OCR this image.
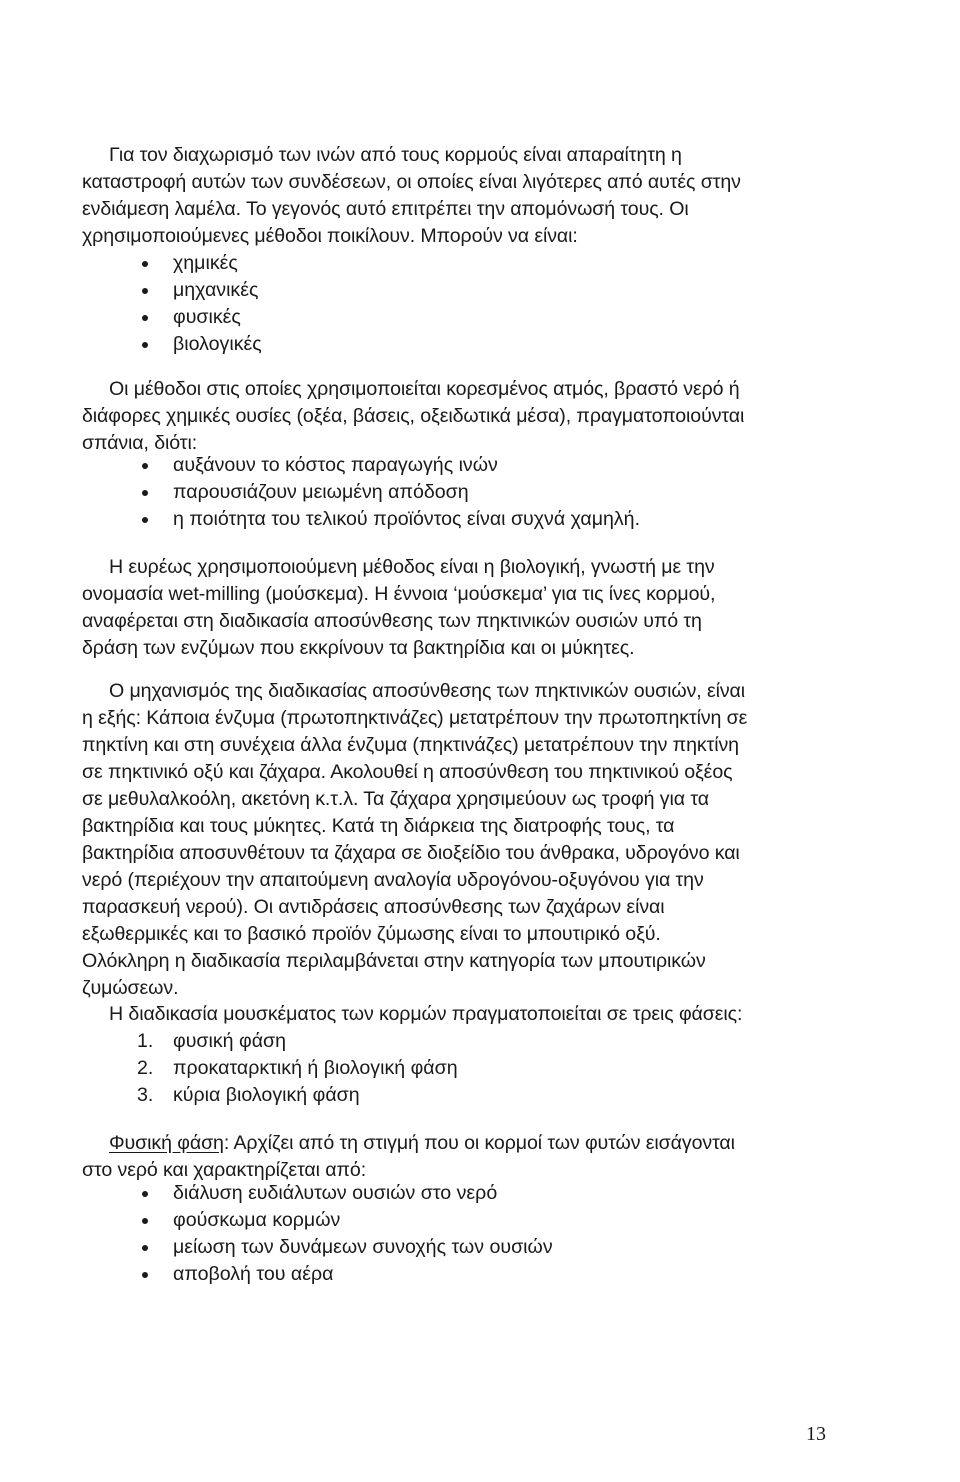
Για τον διαχωρισμό των ινών από τους κορμούς είναι απαραίτητη η
καταστροφή αυτών των συνδέσεων, οι οποίες είναι λιγότερες από αυτές στην
ενδιάμεση λαμέλα. Το γεγονός αυτό επιτρέπει την απομόνωσή τους. Οι
χρησιμοποιούμενες μέθοδοι ποικίλουν. Μπορούν να είναι:
χημικές
μηχανικές
φυσικές
βιολογικές
Οι μέθοδοι στις οποίες χρησιμοποιείται κορεσμένος ατμός, βραστό νερό ή
διάφορες χημικές ουσίες (οξέα, βάσεις, οξειδωτικά μέσα), πραγματοποιούνται
σπάνια, διότι:
αυξάνουν το κόστος παραγωγής ινών
παρουσιάζουν μειωμένη απόδοση
η ποιότητα του τελικού προϊόντος είναι συχνά χαμηλή.
Η ευρέως χρησιμοποιούμενη μέθοδος είναι η βιολογική, γνωστή με την
ονομασία wet-milling (μούσκεμα). Η έννοια ‘μούσκεμα’ για τις ίνες κορμού,
αναφέρεται στη διαδικασία αποσύνθεσης των πηκτινικών ουσιών υπό τη
δράση των ενζύμων που εκκρίνουν τα βακτηρίδια και οι μύκητες.
Ο μηχανισμός της διαδικασίας αποσύνθεσης των πηκτινικών ουσιών, είναι
η εξής: Κάποια ένζυμα (πρωτοπηκτινάζες) μετατρέπουν την πρωτοπηκτίνη σε
πηκτίνη και στη συνέχεια άλλα ένζυμα (πηκτινάζες) μετατρέπουν την πηκτίνη
σε πηκτινικό οξύ και ζάχαρα. Ακολουθεί η αποσύνθεση του πηκτινικού οξέος
σε μεθυλαλκοόλη, ακετόνη κ.τ.λ. Τα ζάχαρα χρησιμεύουν ως τροφή για τα
βακτηρίδια και τους μύκητες. Κατά τη διάρκεια της διατροφής τους, τα
βακτηρίδια αποσυνθέτουν τα ζάχαρα σε διοξείδιο του άνθρακα, υδρογόνο και
νερό (περιέχουν την απαιτούμενη αναλογία υδρογόνου-οξυγόνου για την
παρασκευή νερού). Οι αντιδράσεις αποσύνθεσης των ζαχάρων είναι
εξωθερμικές και το βασικό προϊόν ζύμωσης είναι το μπουτιρικό οξύ.
Ολόκληρη η διαδικασία περιλαμβάνεται στην κατηγορία των μπουτιρικών
ζυμώσεων.
Η διαδικασία μουσκέματος των κορμών πραγματοποιείται σε τρεις φάσεις:
1. φυσική φάση
2. προκαταρκτική ή βιολογική φάση
3. κύρια βιολογική φάση
Φυσική φάση: Αρχίζει από τη στιγμή που οι κορμοί των φυτών εισάγονται
στο νερό και χαρακτηρίζεται από:
διάλυση ευδιάλυτων ουσιών στο νερό
φούσκωμα κορμών
μείωση των δυνάμεων συνοχής των ουσιών
αποβολή του αέρα
13
